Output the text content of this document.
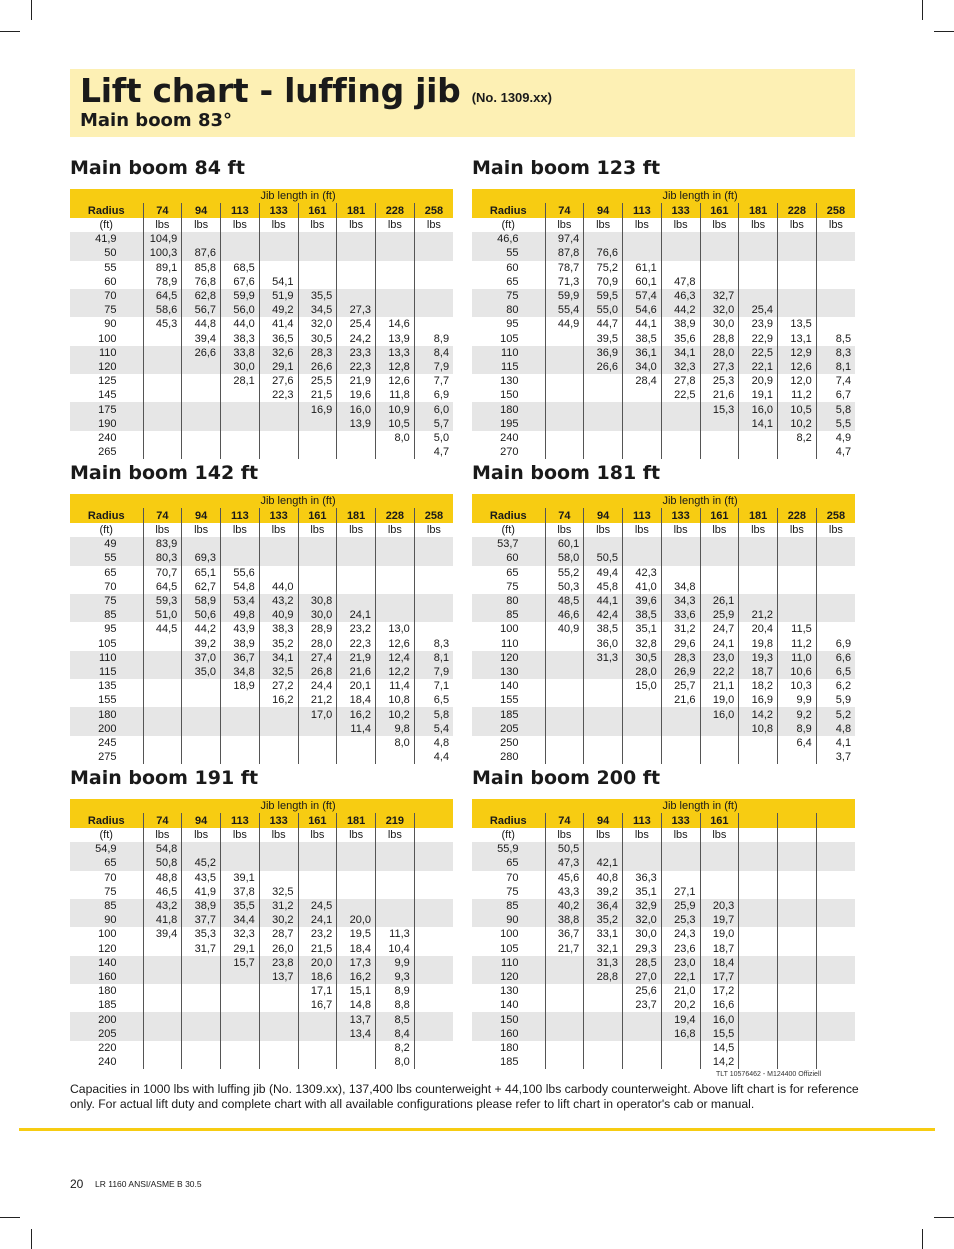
Lift chart - luffing jib (No. 1309.xx)
Main boom 83°
Main boom 84 ft
	Jib length in (ft)							
Radius	74	94	113	133	161	181	228	258
(ft)	lbs	lbs	lbs	lbs	lbs	lbs	lbs	lbs
41,9	104,9							
50	100,3	87,6						
55	89,1	85,8	68,5					
60	78,9	76,8	67,6	54,1				
70	64,5	62,8	59,9	51,9	35,5			
75	58,6	56,7	56,0	49,2	34,5	27,3		
90	45,3	44,8	44,0	41,4	32,0	25,4	14,6	
100		39,4	38,3	36,5	30,5	24,2	13,9	8,9
110		26,6	33,8	32,6	28,3	23,3	13,3	8,4
120			30,0	29,1	26,6	22,3	12,8	7,9
125			28,1	27,6	25,5	21,9	12,6	7,7
145				22,3	21,5	19,6	11,8	6,9
175					16,9	16,0	10,9	6,0
190						13,9	10,5	5,7
240							8,0	5,0
265								4,7
Main boom 123 ft
	Jib length in (ft)							
Radius	74	94	113	133	161	181	228	258
(ft)	lbs	lbs	lbs	lbs	lbs	lbs	lbs	lbs
46,6	97,4							
55	87,8	76,6						
60	78,7	75,2	61,1					
65	71,3	70,9	60,1	47,8				
75	59,9	59,5	57,4	46,3	32,7			
80	55,4	55,0	54,6	44,2	32,0	25,4		
95	44,9	44,7	44,1	38,9	30,0	23,9	13,5	
105		39,5	38,5	35,6	28,8	22,9	13,1	8,5
110		36,9	36,1	34,1	28,0	22,5	12,9	8,3
115		26,6	34,0	32,3	27,3	22,1	12,6	8,1
130			28,4	27,8	25,3	20,9	12,0	7,4
150				22,5	21,6	19,1	11,2	6,7
180					15,3	16,0	10,5	5,8
195						14,1	10,2	5,5
240							8,2	4,9
270								4,7
Main boom 142 ft
	Jib length in (ft)							
Radius	74	94	113	133	161	181	228	258
(ft)	lbs	lbs	lbs	lbs	lbs	lbs	lbs	lbs
49	83,9							
55	80,3	69,3						
65	70,7	65,1	55,6					
70	64,5	62,7	54,8	44,0				
75	59,3	58,9	53,4	43,2	30,8			
85	51,0	50,6	49,8	40,9	30,0	24,1		
95	44,5	44,2	43,9	38,3	28,9	23,2	13,0	
105		39,2	38,9	35,2	28,0	22,3	12,6	8,3
110		37,0	36,7	34,1	27,4	21,9	12,4	8,1
115		35,0	34,8	32,5	26,8	21,6	12,2	7,9
135			18,9	27,2	24,4	20,1	11,4	7,1
155				16,2	21,2	18,4	10,8	6,5
180					17,0	16,2	10,2	5,8
200						11,4	9,8	5,4
245							8,0	4,8
275								4,4
Main boom 181 ft
	Jib length in (ft)							
Radius	74	94	113	133	161	181	228	258
(ft)	lbs	lbs	lbs	lbs	lbs	lbs	lbs	lbs
53,7	60,1							
60	58,0	50,5						
65	55,2	49,4	42,3					
75	50,3	45,8	41,0	34,8				
80	48,5	44,1	39,6	34,3	26,1			
85	46,6	42,4	38,5	33,6	25,9	21,2		
100	40,9	38,5	35,1	31,2	24,7	20,4	11,5	
110		36,0	32,8	29,6	24,1	19,8	11,2	6,9
120		31,3	30,5	28,3	23,0	19,3	11,0	6,6
130			28,0	26,9	22,2	18,7	10,6	6,5
140			15,0	25,7	21,1	18,2	10,3	6,2
155				21,6	19,0	16,9	9,9	5,9
185					16,0	14,2	9,2	5,2
205						10,8	8,9	4,8
250							6,4	4,1
280								3,7
Main boom 191 ft
	Jib length in (ft)							
Radius	74	94	113	133	161	181	219	
(ft)	lbs	lbs	lbs	lbs	lbs	lbs	lbs	
54,9	54,8							
65	50,8	45,2						
70	48,8	43,5	39,1					
75	46,5	41,9	37,8	32,5				
85	43,2	38,9	35,5	31,2	24,5			
90	41,8	37,7	34,4	30,2	24,1	20,0		
100	39,4	35,3	32,3	28,7	23,2	19,5	11,3	
120		31,7	29,1	26,0	21,5	18,4	10,4	
140			15,7	23,8	20,0	17,3	9,9	
160				13,7	18,6	16,2	9,3	
180					17,1	15,1	8,9	
185					16,7	14,8	8,8	
200						13,7	8,5	
205						13,4	8,4	
220							8,2	
240							8,0	
Main boom 200 ft
	Jib length in (ft)							
Radius	74	94	113	133	161			
(ft)	lbs	lbs	lbs	lbs	lbs			
55,9	50,5							
65	47,3	42,1						
70	45,6	40,8	36,3					
75	43,3	39,2	35,1	27,1				
85	40,2	36,4	32,9	25,9	20,3			
90	38,8	35,2	32,0	25,3	19,7			
100	36,7	33,1	30,0	24,3	19,0			
105	21,7	32,1	29,3	23,6	18,7			
110		31,3	28,5	23,0	18,4			
120		28,8	27,0	22,1	17,7			
130			25,6	21,0	17,2			
140			23,7	20,2	16,6			
150				19,4	16,0			
160				16,8	15,5			
180					14,5			
185					14,2			
TLT 10576462 - M124400 Offiziell
Capacities in 1000 lbs with luffing jib (No. 1309.xx), 137,400 lbs counterweight + 44,100 lbs carbody counterweight. Above lift chart is for reference only. For actual lift duty and complete chart with all available configurations please refer to lift chart in operator's cab or manual.
20 LR 1160 ANSI/ASME B 30.5
